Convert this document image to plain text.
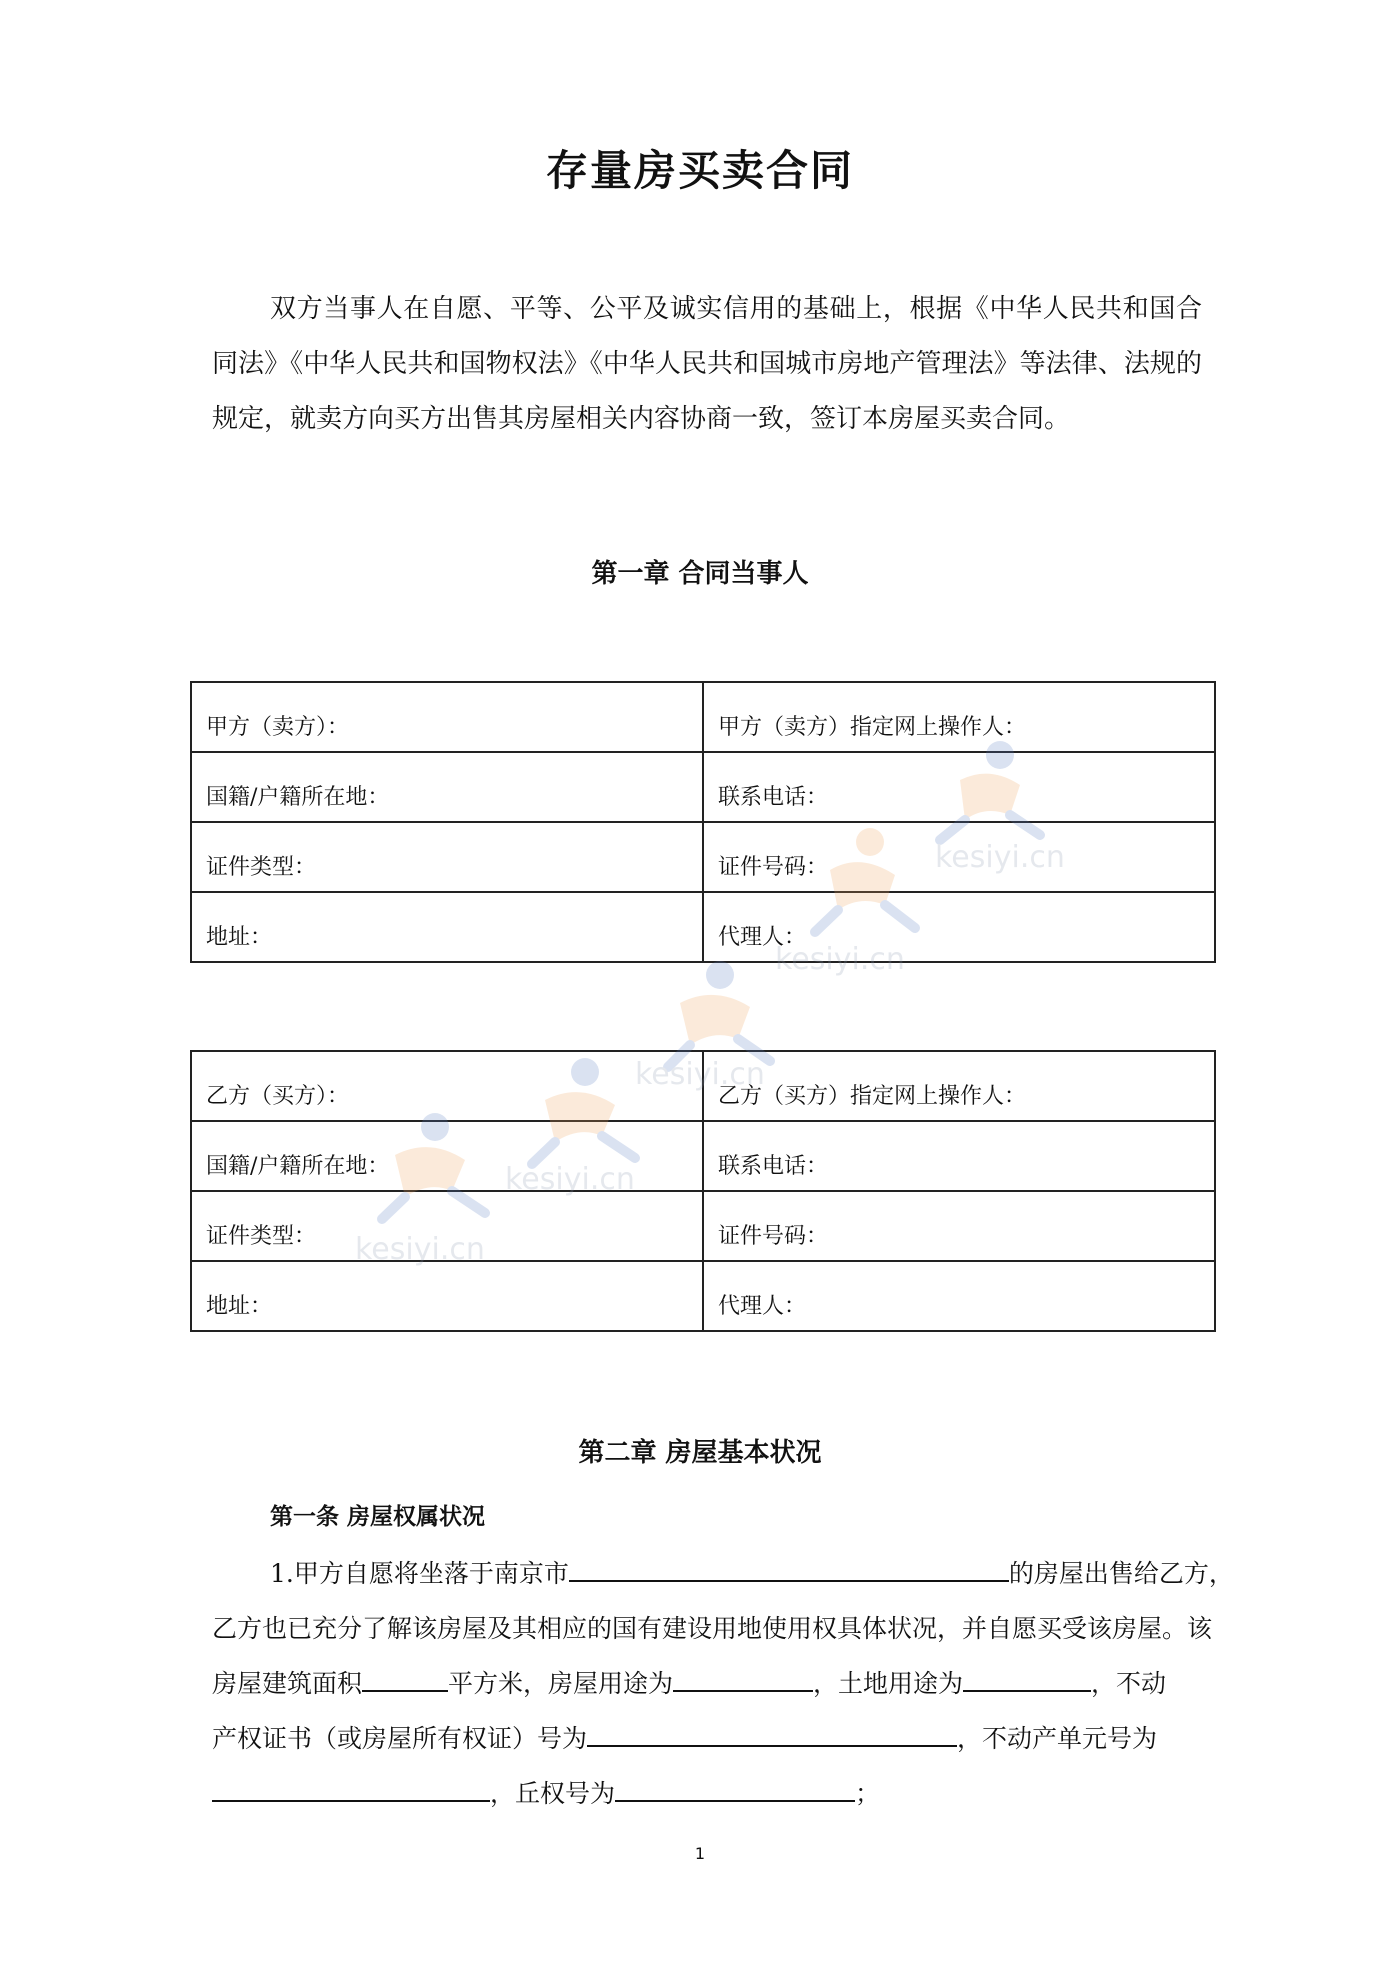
存量房买卖合同

双方当事人在自愿、平等、公平及诚实信用的基础上，根据《中华人民共和国合同法》《中华人民共和国物权法》《中华人民共和国城市房地产管理法》等法律、法规的规定，就卖方向买方出售其房屋相关内容协商一致，签订本房屋买卖合同。

第一章 合同当事人
甲方（卖方）：	甲方（卖方）指定网上操作人：
国籍/户籍所在地：	联系电话：
证件类型：	证件号码：
地址：	代理人：
乙方（买方）：	乙方（买方）指定网上操作人：
国籍/户籍所在地：	联系电话：
证件类型：	证件号码：
地址：	代理人：
第二章 房屋基本状况
第一条 房屋权属状况
1.甲方自愿将坐落于南京市	的房屋出售给乙方，
乙方也已充分了解该房屋及其相应的国有建设用地使用权具体状况，并自愿买受该房屋。该
房屋建筑面积	平方米，房屋用途为	，土地用途为	，不动
产权证书（或房屋所有权证）号为	，不动产单元号为
，丘权号为	；
1
kesiyi.cn
kesiyi.cn
kesiyi.cn
kesiyi.cn
kesiyi.cn
